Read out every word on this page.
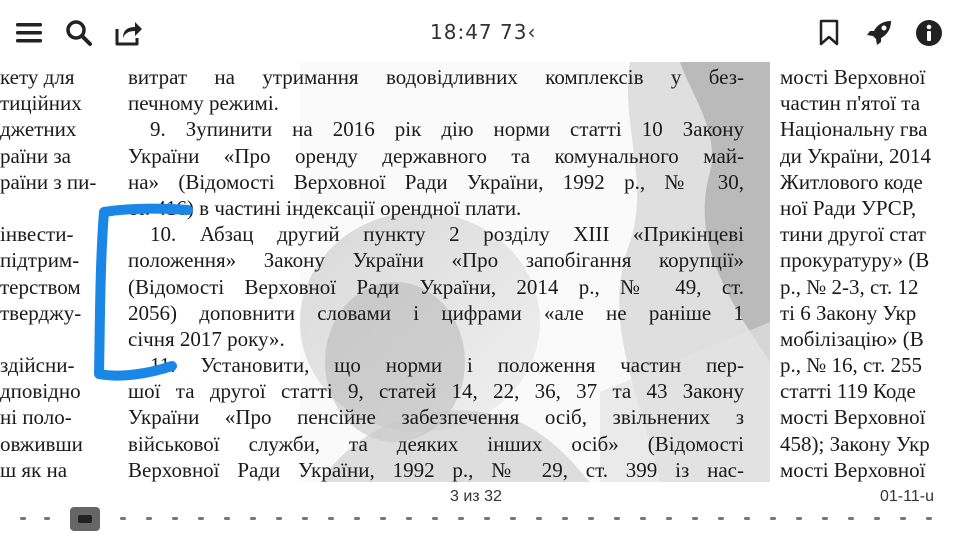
18:47 73‹
кету для
тиційних
джетних
раїни за
раїни з пи-
інвести-
підтрим-
терством
тверджу-
здійсни-
дповідно
ні поло-
овживши
ш як на
витрат на утримання водовідливних комплексів у без-
печному режимі.
9. Зупинити на 2016 рік дію норми статті 10 Закону
України «Про оренду державного та комунального май-
на» (Відомості Верховної Ради України, 1992 р., № 30,
ст. 416) в частині індексації орендної плати.
10. Абзац другий пункту 2 розділу XIII «Прикінцеві
положення» Закону України «Про запобігання корупції»
(Відомості Верховної Ради України, 2014 р., № 49, ст.
2056) доповнити словами і цифрами «але не раніше 1
січня 2017 року».
11. Установити, що норми і положення частин пер-
шої та другої статті 9, статей 14, 22, 36, 37 та 43 Закону
України «Про пенсійне забезпечення осіб, звільнених з
військової служби, та деяких інших осіб» (Відомості
Верховної Ради України, 1992 р., № 29, ст. 399 із нас-
мості Верховної
частин п'ятої та
Національну гва
ди України, 2014
Житлового коде
ної Ради УРСР,
тини другої стат
прокуратуру» (В
р., № 2-3, ст. 12
ті 6 Закону Укр
мобілізацію» (В
р., № 16, ст. 255
статті 119 Коде
мості Верховної
458); Закону Укр
мості Верховної
3 из 32	01-11-u
